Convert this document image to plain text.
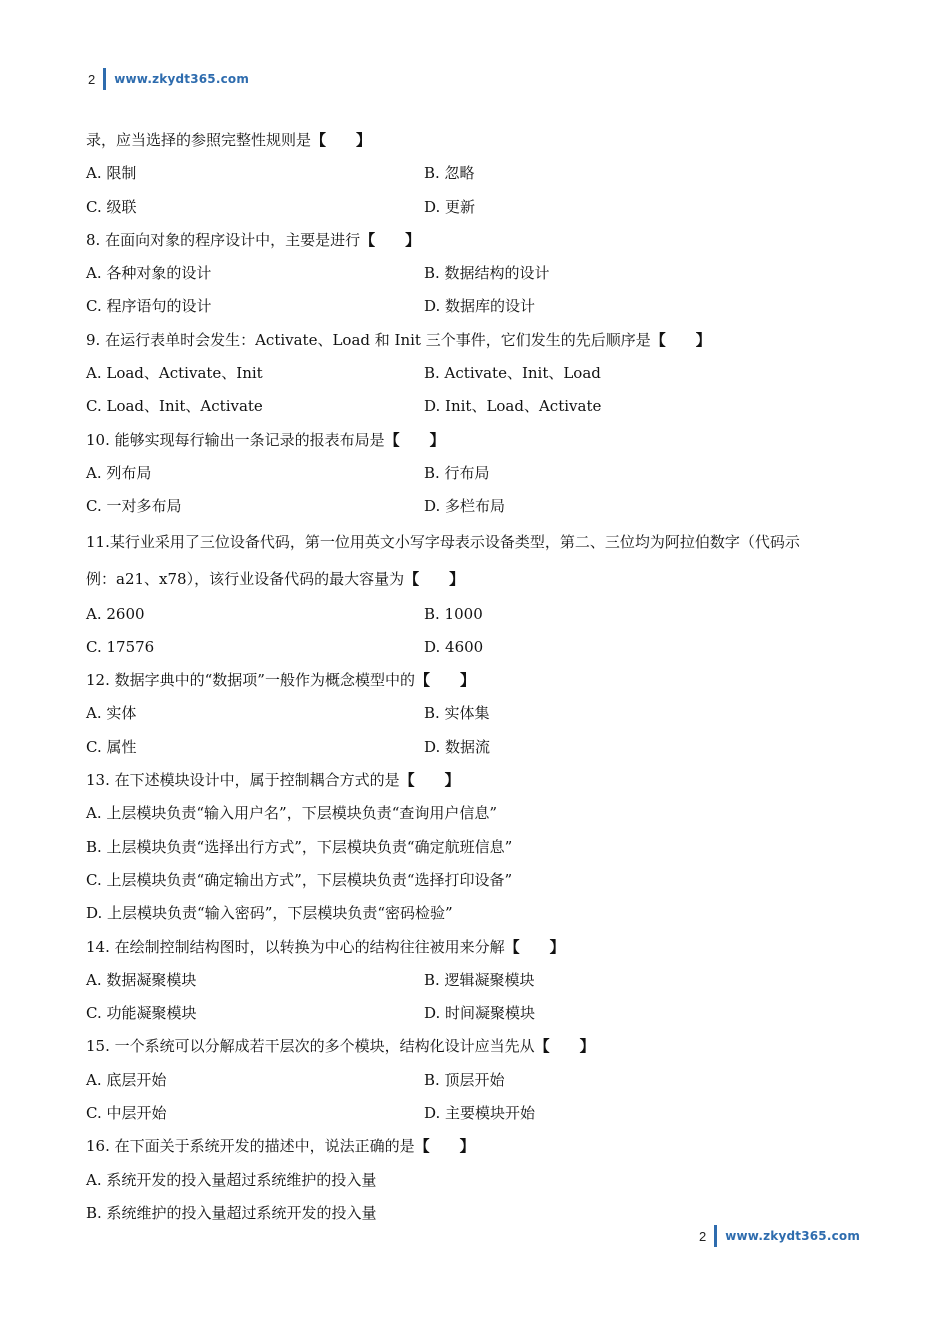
2 www.zkydt365.com
录，应当选择的参照完整性规则是【   】
A. 限制	B. 忽略
C. 级联	D. 更新
8. 在面向对象的程序设计中，主要是进行【   】
A. 各种对象的设计	B. 数据结构的设计
C. 程序语句的设计	D. 数据库的设计
9. 在运行表单时会发生：Activate、Load 和 Init 三个事件，它们发生的先后顺序是【   】
A. Load、Activate、Init	B. Activate、Init、Load
C. Load、Init、Activate	D. Init、Load、Activate
10. 能够实现每行输出一条记录的报表布局是【   】
A. 列布局	B. 行布局
C. 一对多布局	D. 多栏布局
11.某行业采用了三位设备代码，第一位用英文小写字母表示设备类型，第二、三位均为阿拉伯数字（代码示
例：a21、x78），该行业设备代码的最大容量为【   】
A. 2600	B. 1000
C. 17576	D. 4600
12. 数据字典中的“数据项”一般作为概念模型中的【   】
A. 实体	B. 实体集
C. 属性	D. 数据流
13. 在下述模块设计中，属于控制耦合方式的是【   】
A. 上层模块负责“输入用户名”，下层模块负责“查询用户信息”
B. 上层模块负责“选择出行方式”，下层模块负责“确定航班信息”
C. 上层模块负责“确定输出方式”，下层模块负责“选择打印设备”
D. 上层模块负责“输入密码”，下层模块负责“密码检验”
14. 在绘制控制结构图时，以转换为中心的结构往往被用来分解【   】
A. 数据凝聚模块	B. 逻辑凝聚模块
C. 功能凝聚模块	D. 时间凝聚模块
15. 一个系统可以分解成若干层次的多个模块，结构化设计应当先从【   】
A. 底层开始	B. 顶层开始
C. 中层开始	D. 主要模块开始
16. 在下面关于系统开发的描述中，说法正确的是【   】
A. 系统开发的投入量超过系统维护的投入量
B. 系统维护的投入量超过系统开发的投入量
2 www.zkydt365.com
